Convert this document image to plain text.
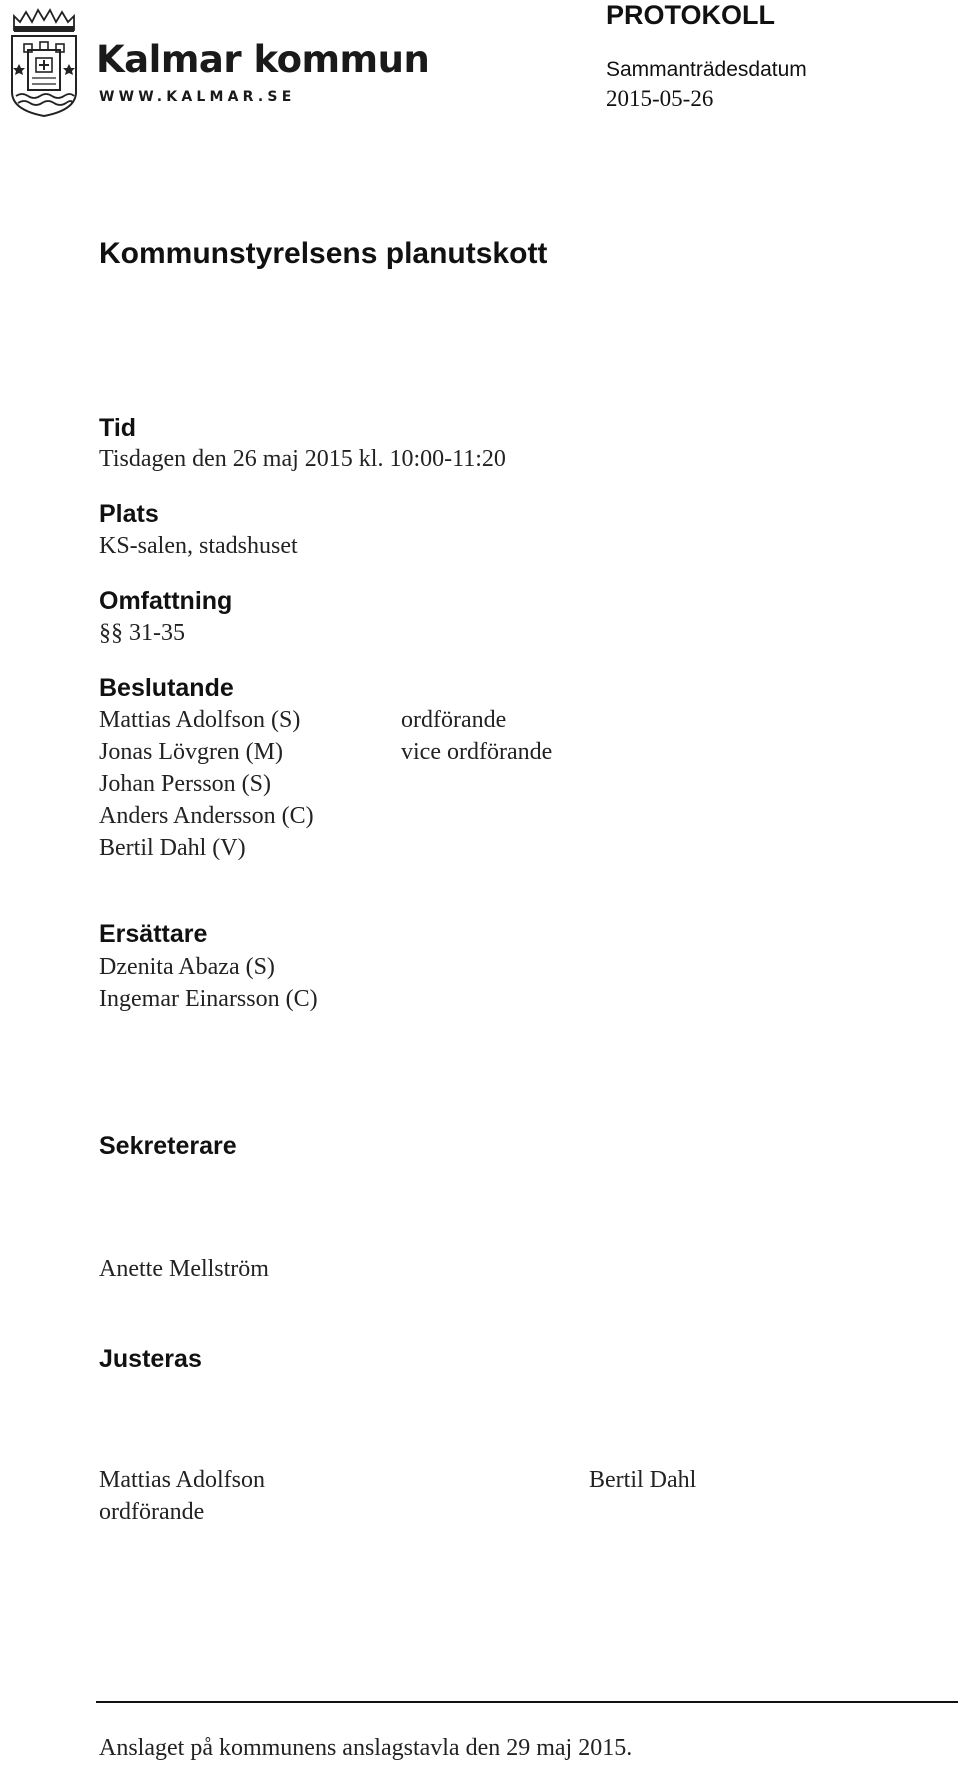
Kalmar kommun
WWW.KALMAR.SE
PROTOKOLL
Sammanträdesdatum
2015-05-26
Kommunstyrelsens planutskott
Tid
Tisdagen den 26 maj 2015 kl. 10:00-11:20
Plats
KS-salen, stadshuset
Omfattning
§§ 31-35
Beslutande
Mattias Adolfson (S)
Jonas Lövgren (M)
Johan Persson (S)
Anders Andersson (C)
Bertil Dahl (V)
ordförande
vice ordförande
Ersättare
Dzenita Abaza (S)
Ingemar Einarsson (C)
Sekreterare
Anette Mellström
Justeras
Mattias Adolfson
ordförande
Bertil Dahl
Anslaget på kommunens anslagstavla den 29 maj 2015.
